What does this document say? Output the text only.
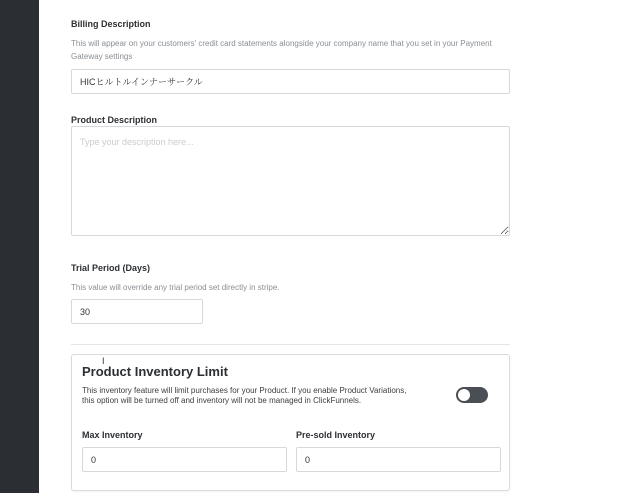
Billing Description
This will appear on your customers' credit card statements alongside your company name that you set in your Payment Gateway settings
HICヒルトルインナーサークル
Product Description
Type your description here...
Trial Period (Days)
This value will override any trial period set directly in stripe.
30
I
Product Inventory Limit
This inventory feature will limit purchases for your Product. If you enable Product Variations, this option will be turned off and inventory will not be managed in ClickFunnels.
Max Inventory
0
Pre-sold Inventory
0
